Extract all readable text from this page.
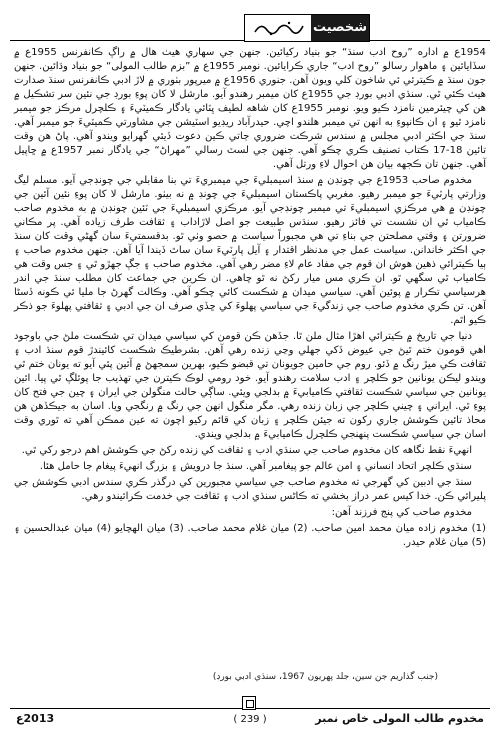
شخصيت

1954ع ۾ اداره ”روح ادب سنڌ“ جو بنياد رکيائين. جنهن جي سهاري هيٺ هال ۾ راڳ ڪانفرنس 1955ع ۾ سڏايائين ۽ ماهوار رسالو ”روح ادب“ جاري ڪرايائين. نومبر 1955ع ۾ ”بزم طالب المولى“ جو بنياد وڌائين. جنهن جون سنڌ ۾ ڪيترئي ئي شاخون کلي ويون آهن. جنوري 1956ع ۾ ميرپور بٺوري ۾ لاڙ ادبي ڪانفرنس سنڌ صدارت هيٺ ڪئي ٿي. سنڌي ادبي بورڊ جي 1955ع کان ميمبر رهندو آيو. مارشل لا کان پوءِ بورڊ جي نئين سر تشڪيل ۾ هن کي چيئرمين نامزد ڪيو ويو. نومبر 1955ع کان شاهه لطيف ڀٽائي يادگار ڪميٽيءَ ۽ ڪلچرل مرڪز جو ميمبر نامزد ٿيو ۽ ان ڪانپوءِ به انهن تي ميمبر هلندو اچي. حيدرآباد ريڊيو اسٽيشن جي مشاورتي ڪميٽيءَ جو ميمبر آهي. سنڌ جي اڪثر ادبي مجلس ۾ سندس شرڪت ضروري ڄاتي ڪين دعوت ڏيئي گهرايو ويندو آهي. پاڻ هن وقت تائين 18-17 ڪتاب تصنيف ڪري چڪو آهي. جنهن جي لسٽ رسالي ”مهراڻ“ جي يادگار نمبر 1957ع ۾ ڇاپيل آهي. جنهن تان ڪجهه بيان هن احوال لاءِ ورتل آهي.

مخدوم صاحب 1953ع جي چونڊن ۾ سنڌ اسيمبليءَ جي ميمبريءَ تي بنا مقابلي جي چونڊجي آيو. مسلم ليگ وزارتي پارٽيءَ جو ميمبر رهيو. مغربي پاڪستان اسيمبليءَ جي چونڊ ۾ نه بيٺو. مارشل لا کان پوءِ نئين آئين جي چونڊن ۾ هي مرڪزي اسيمبليءَ تي ميمبر چونڊجي آيو. مرڪزي اسيمبليءَ جي ٽئين چونڊن ۾ به مخدوم صاحب ڪامياب ٿي ان نشست تي فائز رهيو. سنڌس طبيعت جو اصل لاڙاداب ۽ ثقافت طرف زياده آهي. پر مڪاني ضرورتن ۽ وقتي مصلحتن جي بناءِ تي هي مجبوراً سياست ۾ حصو وٺي ٿو. بدقسمتيءَ سان گهڻي وقت کان سنڌ جي اڪثر خاندانن. سياست عمل جي مدنظر اقتدار ۽ آيل پارٽيءَ سان ساٿ ڏيندا آيا آهن. جنهن مخدوم صاحب ۽ ٻيا ڪيترائي ذهين هوش ان قوم جي مفاد عام لاءِ مضر رهي آهي. مخدوم صاحب ۽ جڳ جهڙو ٿي ۽ جس وقت هي ڪامياب ٿي سگهي ٿو. ان ڪري مس ميار رکڻ نه ٿو چاهي. ان ڪرين جي جماعت کان مطلب سنڌ جي اندر هرسياسي تڪرار ۾ پوئين آهي. سياسي ميدان ۾ شڪست کائي چڪو آهي. وڪالت گهرڻ جا مليا ئي ڪونه ڏسڻا آهن. تن ڪري مخدوم صاحب جي زندگيءَ جي سياسي پهلوءَ کي ڇڏي صرف ان جي ادبي ۽ ثقافتي پهلوءَ جو ذڪر ڪيو اٿم.

دنيا جي تاريخ ۾ ڪيترائي اهڙا مثال ملن ٿا. جڏهن ڪن قومن کي سياسي ميدان تي شڪست ملڻ جي باوجود اهي قومون ختم ٿيڻ جي عيوض ڏکي جهلي وڃي زنده رهي آهن. بشرطيڪ شڪست کائيندڙ قوم سنڌ ادب ۽ ثقافت ڪي ميڙ رنگ ۾ ڏئو. روم جي حامين جويونان تي قبضو ڪيو، بهرين سمجهڻ ۾ آئين پئي آيو ته يونان ختم ٿي ويندو ليڪن يونانين جو ڪلچر ۽ ادب سلامت رهندو آيو. خود رومي لوڪ ڪيترن جي تهذيب جا پوئلڳ ٿي پيا. ائين يونانين جي سياسي شڪست ثقافتي ڪاميابيءَ ۾ بدلجي ويئي. ساڳي حالت منگولن جي ايران ۽ چين جي فتح کان پوءِ ٿي. ايراني ۽ چيني ڪلچر جي زبان زنده رهي. مگر منگول انهن جي رنگ ۾ رنگجي ويا. اسان به جيڪڏهن هن محاذ تائين ڪوشش جاري رکون ته جيئن ڪلچر ۽ زبان کي قائم رکيو اچون ته عين ممڪن آهي ته ٿوري وقت اسان جي سياسي شڪست پنهنجي ڪلچرل ڪاميابيءَ ۾ بدلجي ويندي.

انهيءَ نقط نگاهه کان مخدوم صاحب جي سنڌي ادب ۽ ثقافت کي زنده رکڻ جي ڪوشش اهم درجو رکي ٿي.

سنڌي ڪلچر اتحاد انساني ۽ امن عالم جو پيغامبر آهي. سنڌ جا درويش ۽ بزرگ انهيءَ پيغام جا حامل هئا.

سنڌ جي ادبين کي گهرجي ته مخدوم صاحب جي سياسي مجبورين کي درگذر ڪري سندس ادبي ڪوشش جي پليرائي ڪن. خدا کيس عمر دراز بخشي ته ڪاڻس سنڌي ادب ۽ ثقافت جي خدمت ڪرائيندو رهي.

مخدوم صاحب کي پنج فرزند آهن:

(1) مخدوم زاده ميان محمد امين صاحب. (2) ميان غلام محمد صاحب. (3) ميان الهچايو (4) ميان عبدالحسين ۽ (5) ميان غلام حيدر.

(جنب گذاريم جن سين، جلد پهريون 1967، سنڌي ادبي بورڊ)
مخدوم طالب المولى خاص نمبر
( 239 )
2013ع
